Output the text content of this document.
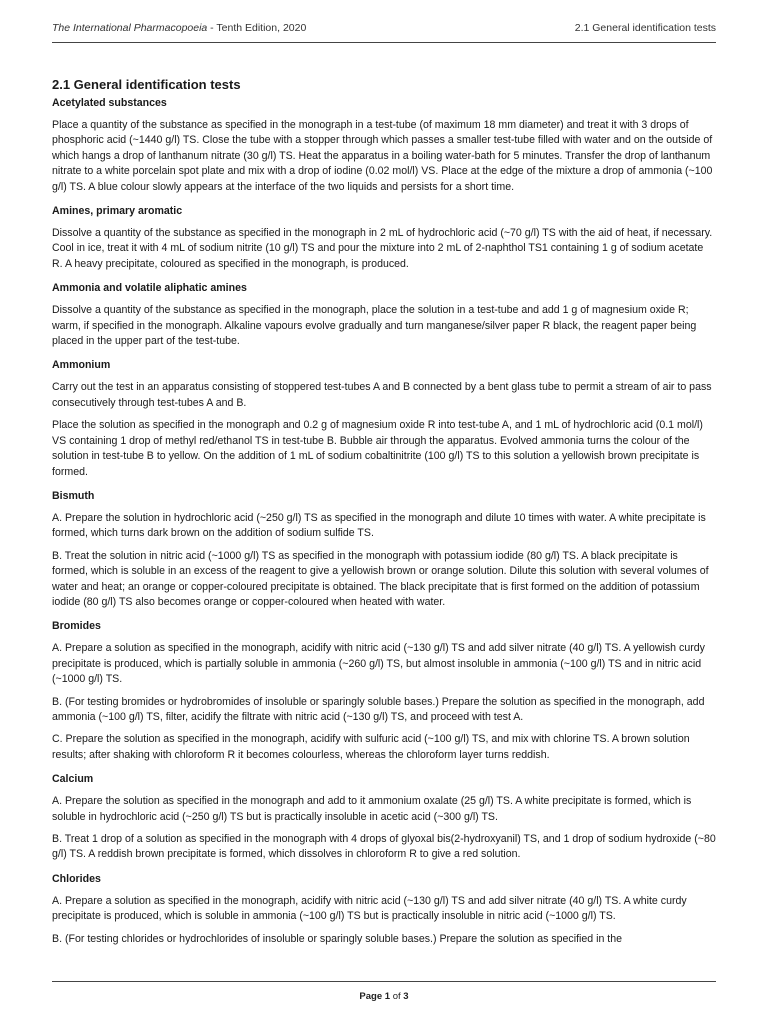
The International Pharmacopoeia - Tenth Edition, 2020	2.1 General identification tests
2.1 General identification tests
Acetylated substances

Place a quantity of the substance as specified in the monograph in a test-tube (of maximum 18 mm diameter) and treat it with 3 drops of phosphoric acid (~1440 g/l) TS. Close the tube with a stopper through which passes a smaller test-tube filled with water and on the outside of which hangs a drop of lanthanum nitrate (30 g/l) TS. Heat the apparatus in a boiling water-bath for 5 minutes. Transfer the drop of lanthanum nitrate to a white porcelain spot plate and mix with a drop of iodine (0.02 mol/l) VS. Place at the edge of the mixture a drop of ammonia (~100 g/l) TS. A blue colour slowly appears at the interface of the two liquids and persists for a short time.

Amines, primary aromatic

Dissolve a quantity of the substance as specified in the monograph in 2 mL of hydrochloric acid (~70 g/l) TS with the aid of heat, if necessary. Cool in ice, treat it with 4 mL of sodium nitrite (10 g/l) TS and pour the mixture into 2 mL of 2-naphthol TS1 containing 1 g of sodium acetate R. A heavy precipitate, coloured as specified in the monograph, is produced.

Ammonia and volatile aliphatic amines

Dissolve a quantity of the substance as specified in the monograph, place the solution in a test-tube and add 1 g of magnesium oxide R; warm, if specified in the monograph. Alkaline vapours evolve gradually and turn manganese/silver paper R black, the reagent paper being placed in the upper part of the test-tube.

Ammonium

Carry out the test in an apparatus consisting of stoppered test-tubes A and B connected by a bent glass tube to permit a stream of air to pass consecutively through test-tubes A and B.

Place the solution as specified in the monograph and 0.2 g of magnesium oxide R into test-tube A, and 1 mL of hydrochloric acid (0.1 mol/l) VS containing 1 drop of methyl red/ethanol TS in test-tube B. Bubble air through the apparatus. Evolved ammonia turns the colour of the solution in test-tube B to yellow. On the addition of 1 mL of sodium cobaltinitrite (100 g/l) TS to this solution a yellowish brown precipitate is formed.

Bismuth

A. Prepare the solution in hydrochloric acid (~250 g/l) TS as specified in the monograph and dilute 10 times with water. A white precipitate is formed, which turns dark brown on the addition of sodium sulfide TS.

B. Treat the solution in nitric acid (~1000 g/l) TS as specified in the monograph with potassium iodide (80 g/l) TS. A black precipitate is formed, which is soluble in an excess of the reagent to give a yellowish brown or orange solution. Dilute this solution with several volumes of water and heat; an orange or copper-coloured precipitate is obtained. The black precipitate that is first formed on the addition of potassium iodide (80 g/l) TS also becomes orange or copper-coloured when heated with water.

Bromides

A. Prepare a solution as specified in the monograph, acidify with nitric acid (~130 g/l) TS and add silver nitrate (40 g/l) TS. A yellowish curdy precipitate is produced, which is partially soluble in ammonia (~260 g/l) TS, but almost insoluble in ammonia (~100 g/l) TS and in nitric acid (~1000 g/l) TS.

B. (For testing bromides or hydrobromides of insoluble or sparingly soluble bases.) Prepare the solution as specified in the monograph, add ammonia (~100 g/l) TS, filter, acidify the filtrate with nitric acid (~130 g/l) TS, and proceed with test A.

C. Prepare the solution as specified in the monograph, acidify with sulfuric acid (~100 g/l) TS, and mix with chlorine TS. A brown solution results; after shaking with chloroform R it becomes colourless, whereas the chloroform layer turns reddish.

Calcium

A. Prepare the solution as specified in the monograph and add to it ammonium oxalate (25 g/l) TS. A white precipitate is formed, which is soluble in hydrochloric acid (~250 g/l) TS but is practically insoluble in acetic acid (~300 g/l) TS.

B. Treat 1 drop of a solution as specified in the monograph with 4 drops of glyoxal bis(2-hydroxyanil) TS, and 1 drop of sodium hydroxide (~80 g/l) TS. A reddish brown precipitate is formed, which dissolves in chloroform R to give a red solution.

Chlorides

A. Prepare a solution as specified in the monograph, acidify with nitric acid (~130 g/l) TS and add silver nitrate (40 g/l) TS. A white curdy precipitate is produced, which is soluble in ammonia (~100 g/l) TS but is practically insoluble in nitric acid (~1000 g/l) TS.

B. (For testing chlorides or hydrochlorides of insoluble or sparingly soluble bases.) Prepare the solution as specified in the

Page 1 of 3
